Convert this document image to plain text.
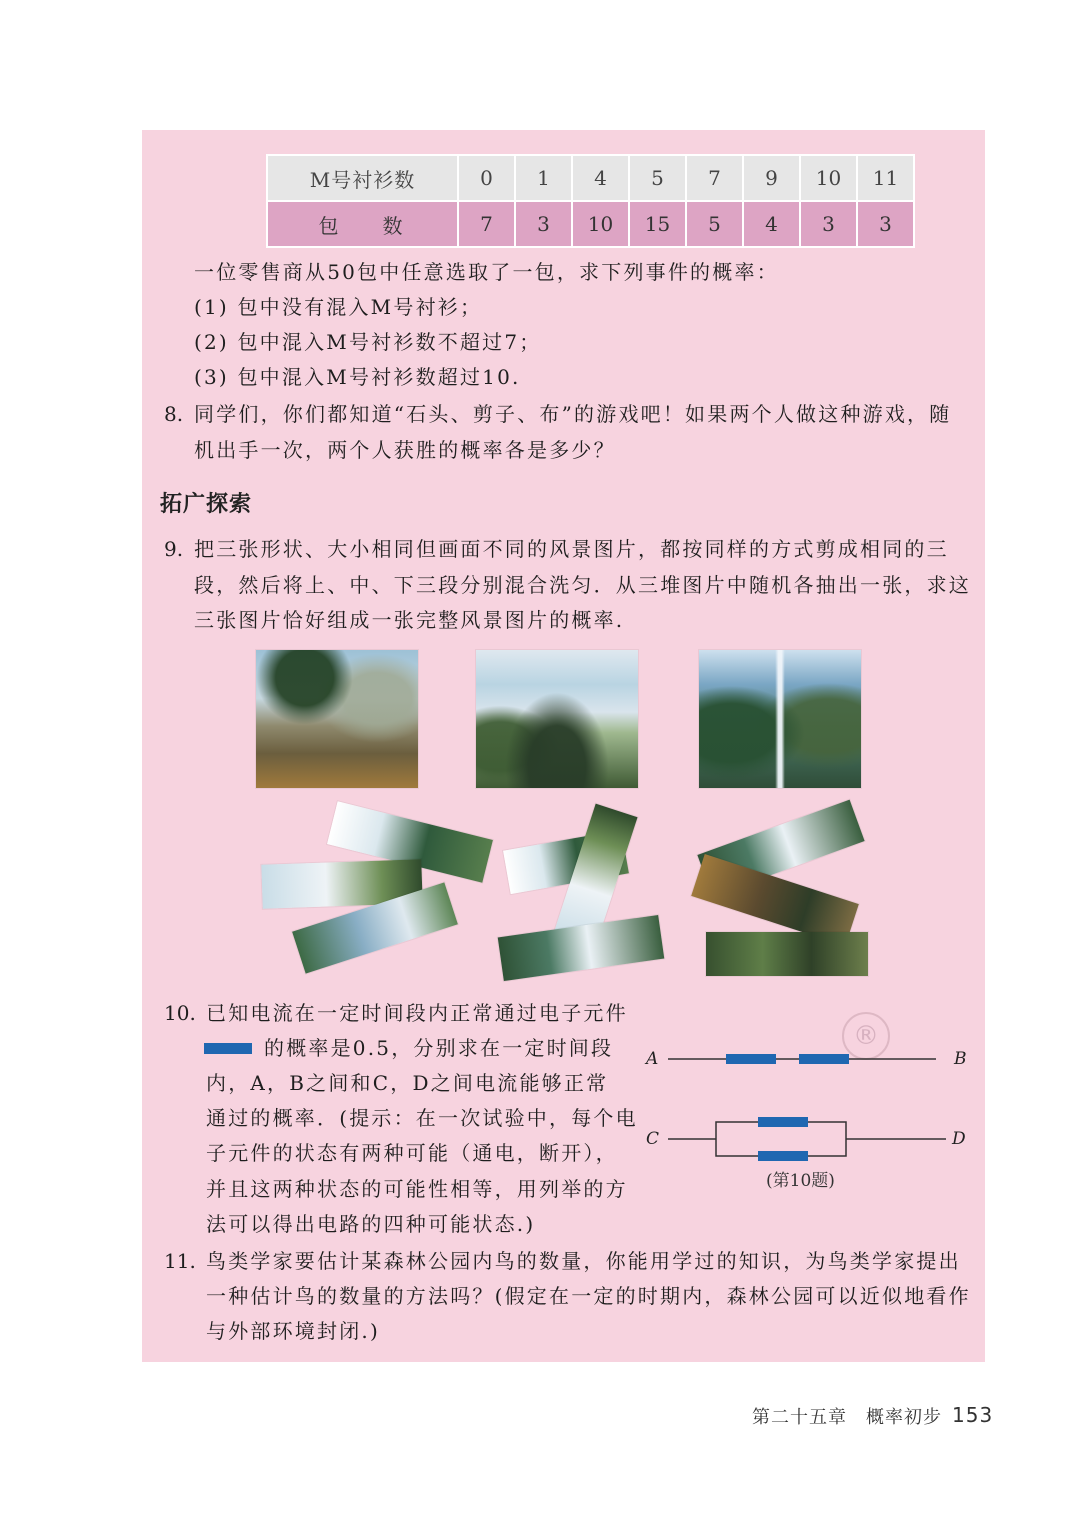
M号衬衫数	0	1	4	5	7	9	10	11
包数	7	3	10	15	5	4	3	3
一位零售商从50包中任意选取了一包，求下列事件的概率：
(1) 包中没有混入M号衬衫；
(2) 包中混入M号衬衫数不超过7；
(3) 包中混入M号衬衫数超过10.
8. 同学们，你们都知道“石头、剪子、布”的游戏吧！如果两个人做这种游戏，随
机出手一次，两个人获胜的概率各是多少？
拓广探索
9. 把三张形状、大小相同但画面不同的风景图片，都按同样的方式剪成相同的三
段，然后将上、中、下三段分别混合洗匀．从三堆图片中随机各抽出一张，求这
三张图片恰好组成一张完整风景图片的概率.
10. 已知电流在一定时间段内正常通过电子元件
的概率是0.5，分别求在一定时间段
内，A，B之间和C，D之间电流能够正常
通过的概率．(提示：在一次试验中，每个电
子元件的状态有两种可能（通电，断开），
并且这两种状态的可能性相等，用列举的方
法可以得出电路的四种可能状态.)
®
A	B
C	D
(第10题)
11. 鸟类学家要估计某森林公园内鸟的数量，你能用学过的知识，为鸟类学家提出
一种估计鸟的数量的方法吗？(假定在一定的时期内，森林公园可以近似地看作
与外部环境封闭.)
第二十五章 概率初步 153
